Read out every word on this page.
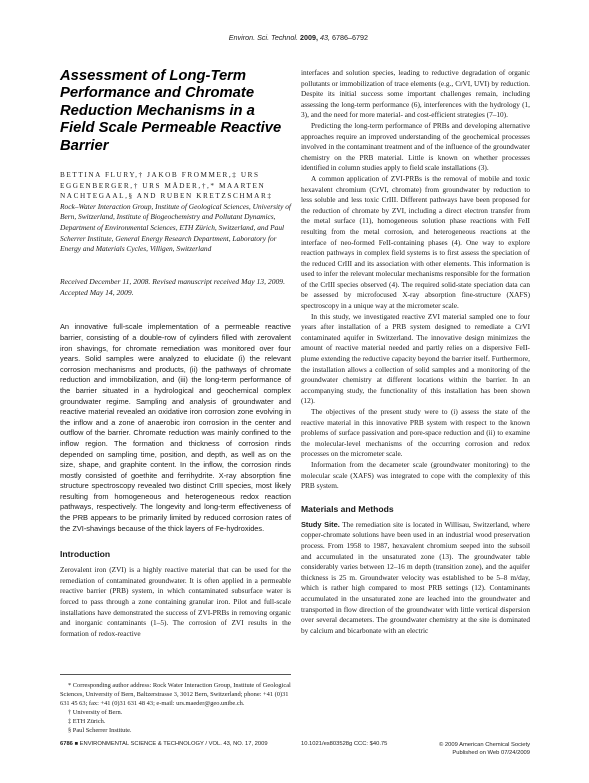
Environ. Sci. Technol. 2009, 43, 6786–6792
Assessment of Long-Term Performance and Chromate Reduction Mechanisms in a Field Scale Permeable Reactive Barrier

BETTINA FLURY,† JAKOB FROMMER,‡ URS EGGENBERGER,† URS MÄDER,†,* MAARTEN NACHTEGAAL,§ AND RUBEN KRETZSCHMAR‡

Rock–Water Interaction Group, Institute of Geological Sciences, University of Bern, Switzerland, Institute of Biogeochemistry and Pollutant Dynamics, Department of Environmental Sciences, ETH Zürich, Switzerland, and Paul Scherrer Institute, General Energy Research Department, Laboratory for Energy and Materials Cycles, Villigen, Switzerland

Received December 11, 2008. Revised manuscript received May 13, 2009. Accepted May 14, 2009.

An innovative full-scale implementation of a permeable reactive barrier, consisting of a double-row of cylinders filled with zerovalent iron shavings, for chromate remediation was monitored over four years. Solid samples were analyzed to elucidate (i) the relevant corrosion mechanisms and products, (ii) the pathways of chromate reduction and immobilization, and (iii) the long-term performance of the barrier situated in a hydrological and geochemical complex groundwater regime. Sampling and analysis of groundwater and reactive material revealed an oxidative iron corrosion zone evolving in the inflow and a zone of anaerobic iron corrosion in the center and outflow of the barrier. Chromate reduction was mainly confined to the inflow region. The formation and thickness of corrosion rinds depended on sampling time, position, and depth, as well as on the size, shape, and graphite content. In the inflow, the corrosion rinds mostly consisted of goethite and ferrihydrite. X-ray absorption fine structure spectroscopy revealed two distinct CrIII species, most likely resulting from homogeneous and heterogeneous redox reaction pathways, respectively. The longevity and long-term effectiveness of the PRB appears to be primarily limited by reduced corrosion rates of the ZVI-shavings because of the thick layers of Fe-hydroxides.

Introduction

Zerovalent iron (ZVI) is a highly reactive material that can be used for the remediation of contaminated groundwater. It is often applied in a permeable reactive barrier (PRB) system, in which contaminated subsurface water is forced to pass through a zone containing granular iron. Pilot and full-scale installations have demonstrated the success of ZVI-PRBs in removing organic and inorganic contaminants (1–5). The corrosion of ZVI results in the formation of redox-reactive

* Corresponding author address: Rock Water Interaction Group, Institute of Geological Sciences, University of Bern, Baltzerstrasse 3, 3012 Bern, Switzerland; phone: +41 (0)31 631 45 63; fax: +41 (0)31 631 48 43; e-mail: urs.maeder@geo.unibe.ch.

† University of Bern.

‡ ETH Zürich.

§ Paul Scherrer Institute.

interfaces and solution species, leading to reductive degradation of organic pollutants or immobilization of trace elements (e.g., CrVI, UVI) by reduction. Despite its initial success some important challenges remain, including assessing the long-term performance (6), interferences with the hydrology (1, 3), and the need for more material- and cost-efficient strategies (7–10).

Predicting the long-term performance of PRBs and developing alternative approaches require an improved understanding of the geochemical processes involved in the contaminant treatment and of the influence of the groundwater chemistry on the PRB material. Little is known on whether processes identified in column studies apply to field scale installations (3).

A common application of ZVI-PRBs is the removal of mobile and toxic hexavalent chromium (CrVI, chromate) from groundwater by reduction to less soluble and less toxic CrIII. Different pathways have been proposed for the reduction of chromate by ZVI, including a direct electron transfer from the metal surface (11), homogeneous solution phase reactions with FeII resulting from the metal corrosion, and heterogeneous reactions at the interface of neo-formed FeII-containing phases (4). One way to explore reaction pathways in complex field systems is to first assess the speciation of the reduced CrIII and its association with other elements. This information is used to infer the relevant molecular mechanisms responsible for the formation of the CrIII species observed (4). The required solid-state speciation data can be assessed by microfocused X-ray absorption fine-structure (XAFS) spectroscopy in a unique way at the micrometer scale.

In this study, we investigated reactive ZVI material sampled one to four years after installation of a PRB system designed to remediate a CrVI contaminated aquifer in Switzerland. The innovative design minimizes the amount of reactive material needed and partly relies on a dispersive FeII-plume extending the reductive capacity beyond the barrier itself. Furthermore, the installation allows a collection of solid samples and a monitoring of the groundwater chemistry at different locations within the barrier. In an accompanying study, the functionality of this installation has been shown (12).

The objectives of the present study were to (i) assess the state of the reactive material in this innovative PRB system with respect to the known problems of surface passivation and pore-space reduction and (ii) to examine the molecular-level mechanisms of the occurring corrosion and redox processes on the micrometer scale.

Information from the decameter scale (groundwater monitoring) to the molecular scale (XAFS) was integrated to cope with the complexity of this PRB system.

Materials and Methods

Study Site. The remediation site is located in Willisau, Switzerland, where copper-chromate solutions have been used in an industrial wood preservation process. From 1958 to 1987, hexavalent chromium seeped into the subsoil and accumulated in the unsaturated zone (13). The groundwater table considerably varies between 12–16 m depth (transition zone), and the aquifer thickness is 25 m. Groundwater velocity was established to be 5–8 m/day, which is rather high compared to most PRB settings (12). Contaminants accumulated in the unsaturated zone are leached into the groundwater and transported in flow direction of the groundwater with little vertical dispersion over several decameters. The groundwater chemistry at the site is dominated by calcium and bicarbonate with an electric

6786 ■ ENVIRONMENTAL SCIENCE & TECHNOLOGY / VOL. 43, NO. 17, 2009	10.1021/es803528g CCC: $40.75	© 2009 American Chemical Society
Published on Web 07/24/2009
